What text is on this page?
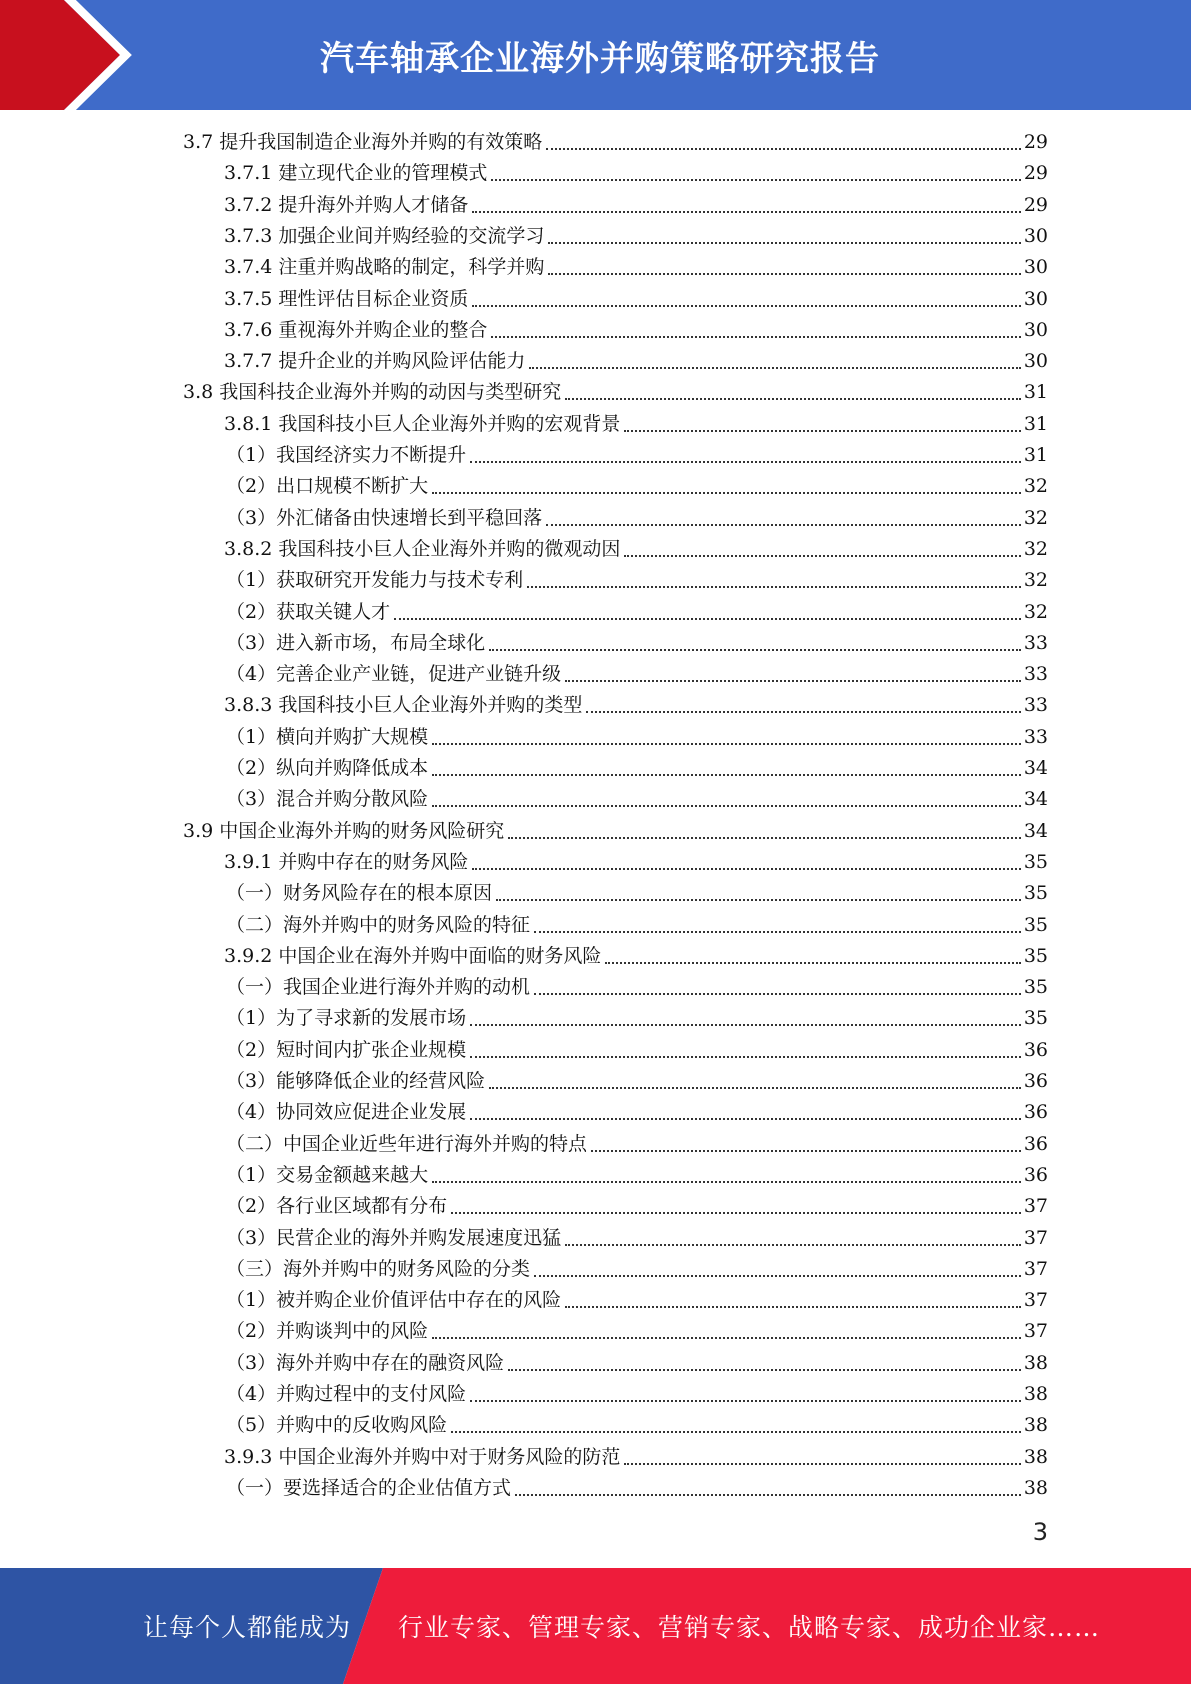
汽车轴承企业海外并购策略研究报告
3.7 提升我国制造企业海外并购的有效策略	29
3.7.1 建立现代企业的管理模式	29
3.7.2 提升海外并购人才储备	29
3.7.3 加强企业间并购经验的交流学习	30
3.7.4 注重并购战略的制定，科学并购	30
3.7.5 理性评估目标企业资质	30
3.7.6 重视海外并购企业的整合	30
3.7.7 提升企业的并购风险评估能力	30
3.8 我国科技企业海外并购的动因与类型研究	31
3.8.1 我国科技小巨人企业海外并购的宏观背景	31
（1）我国经济实力不断提升	31
（2）出口规模不断扩大	32
（3）外汇储备由快速增长到平稳回落	32
3.8.2 我国科技小巨人企业海外并购的微观动因	32
（1）获取研究开发能力与技术专利	32
（2）获取关键人才	32
（3）进入新市场，布局全球化	33
（4）完善企业产业链，促进产业链升级	33
3.8.3 我国科技小巨人企业海外并购的类型	33
（1）横向并购扩大规模	33
（2）纵向并购降低成本	34
（3）混合并购分散风险	34
3.9 中国企业海外并购的财务风险研究	34
3.9.1 并购中存在的财务风险	35
（一）财务风险存在的根本原因	35
（二）海外并购中的财务风险的特征	35
3.9.2 中国企业在海外并购中面临的财务风险	35
（一）我国企业进行海外并购的动机	35
（1）为了寻求新的发展市场	35
（2）短时间内扩张企业规模	36
（3）能够降低企业的经营风险	36
（4）协同效应促进企业发展	36
（二）中国企业近些年进行海外并购的特点	36
（1）交易金额越来越大	36
（2）各行业区域都有分布	37
（3）民营企业的海外并购发展速度迅猛	37
（三）海外并购中的财务风险的分类	37
（1）被并购企业价值评估中存在的风险	37
（2）并购谈判中的风险	37
（3）海外并购中存在的融资风险	38
（4）并购过程中的支付风险	38
（5）并购中的反收购风险	38
3.9.3 中国企业海外并购中对于财务风险的防范	38
（一）要选择适合的企业估值方式	38
3
让每个人都能成为 行业专家、管理专家、营销专家、战略专家、成功企业家……
